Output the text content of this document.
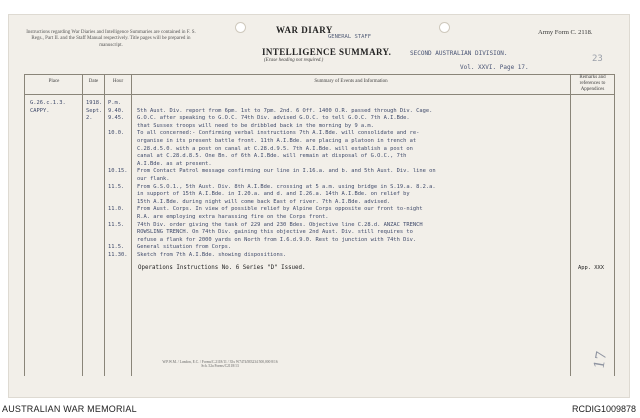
Instructions regarding War Diaries and Intelligence Summaries are contained in F. S. Regs., Part II. and the Staff Manual respectively. Title pages will be prepared in manuscript.
WAR DIARY
GENERAL STAFF
INTELLIGENCE SUMMARY.
(Erase heading not required.)
SECOND AUSTRALIAN DIVISION.
Army Form C. 2118.
Vol. XXVI. Page 17.
23
Place	Date	Hour	Summary of Events and Information
Remarks and references to Appendices
G.26.c.1.3.	1918. P.m.
CAPPY.	Sept. 9.40. 5th Aust. Div. report from 6pm. 1st to 7pm. 2nd. 6 Off. 1400 O.R. passed through Div. Cage.
2.	9.45. G.O.C. after speaking to G.O.C. 74th Div. advised G.O.C. to tell G.O.C. 7th A.I.Bde.
that Sussex troops will need to be dribbled back in the morning by 9 a.m.
10.0. To all concerned:- Confirming verbal instructions 7th A.I.Bde. will consolidate and re-
organise in its present battle front. 11th A.I.Bde. are placing a platoon in trench at
C.28.d.5.0. with a post on canal at C.28.d.9.5. 7th A.I.Bde. will establish a post on
canal at C.28.d.8.5. One Bn. of 6th A.I.Bde. will remain at disposal of G.O.C., 7th
A.I.Bde. as at present.
10.15. From Contact Patrol message confirming our line in I.16.a. and b. and 5th Aust. Div. line on
our flank.
11.5. From G.S.O.1., 5th Aust. Div. 8th A.I.Bde. crossing at 5 a.m. using bridge in S.19.a. 8.2.a.
in support of 15th A.I.Bde. in I.20.a. and d. and I.26.a. 14th A.I.Bde. on relief by
15th A.I.Bde. during night will come back East of river. 7th A.I.Bde. advised.
11.0. From Aust. Corps. In view of possible relief by Alpine Corps opposite our front to-night
R.A. are employing extra harassing fire on the Corps front.
11.5. 74th Div. order giving the task of 229 and 230 Bdes. Objective line C.28.d. ANZAC TRENCH
ROWSLING TRENCH. On 74th Div. gaining this objective 2nd Aust. Div. still requires to
refuse a flank for 2000 yards on North from I.6.d.9.0. Rest to junction with 74th Div.
11.5. General situation from Corps.
11.30. Sketch from 7th A.I.Bde. showing dispositions.
Operations Instructions No. 6 Series "D" Issued.	App. XXX
W.P.W.M. / London, E.C. / Forms/C.2118/11 / 35x W7474/M3234 500,000 8/16 Sch. 52a Forms/C2118/13	17
AUSTRALIAN WAR MEMORIAL	RCDIG1009878
